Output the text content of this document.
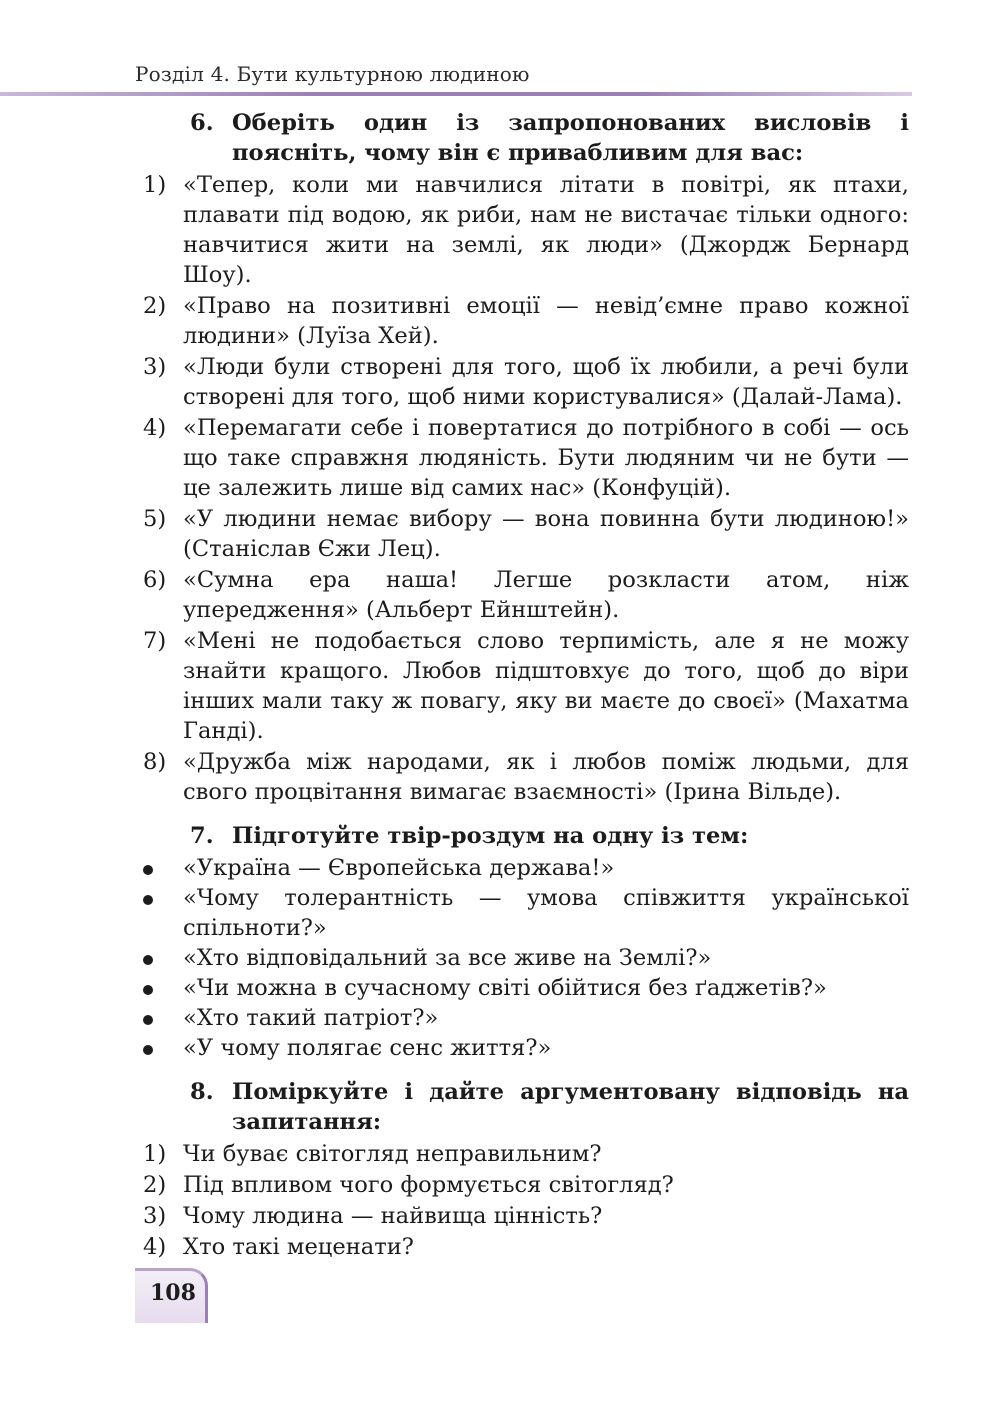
Розділ 4. Бути культурною людиною
6. Оберіть один із запропонованих висловів і поясніть, чому він є привабливим для вас:
1) «Тепер, коли ми навчилися літати в повітрі, як птахи, плавати під водою, як риби, нам не вистачає тільки одного: навчитися жити на землі, як люди» (Джордж Бернард Шоу).
2) «Право на позитивні емоції — невід’ємне право кожної людини» (Луїза Хей).
3) «Люди були створені для того, щоб їх любили, а речі були створені для того, щоб ними користувалися» (Далай-Лама).
4) «Перемагати себе і повертатися до потрібного в собі — ось що таке справжня людяність. Бути людяним чи не бути — це залежить лише від самих нас» (Конфуцій).
5) «У людини немає вибору — вона повинна бути людиною!» (Станіслав Єжи Лец).
6) «Сумна ера наша! Легше розкласти атом, ніж упередження» (Альберт Ейнштейн).
7) «Мені не подобається слово терпимість, але я не можу знайти кращого. Любов підштовхує до того, щоб до віри інших мали таку ж повагу, яку ви маєте до своєї» (Махатма Ганді).
8) «Дружба між народами, як і любов поміж людьми, для свого процвітання вимагає взаємності» (Ірина Вільде).
7. Підготуйте твір-роздум на одну із тем:
«Україна — Європейська держава!»
«Чому толерантність — умова співжиття української спільноти?»
«Хто відповідальний за все живе на Землі?»
«Чи можна в сучасному світі обійтися без ґаджетів?»
«Хто такий патріот?»
«У чому полягає сенс життя?»
8. Поміркуйте і дайте аргументовану відповідь на запитання:
1) Чи буває світогляд неправильним?
2) Під впливом чого формується світогляд?
3) Чому людина — найвища цінність?
4) Хто такі меценати?
108
